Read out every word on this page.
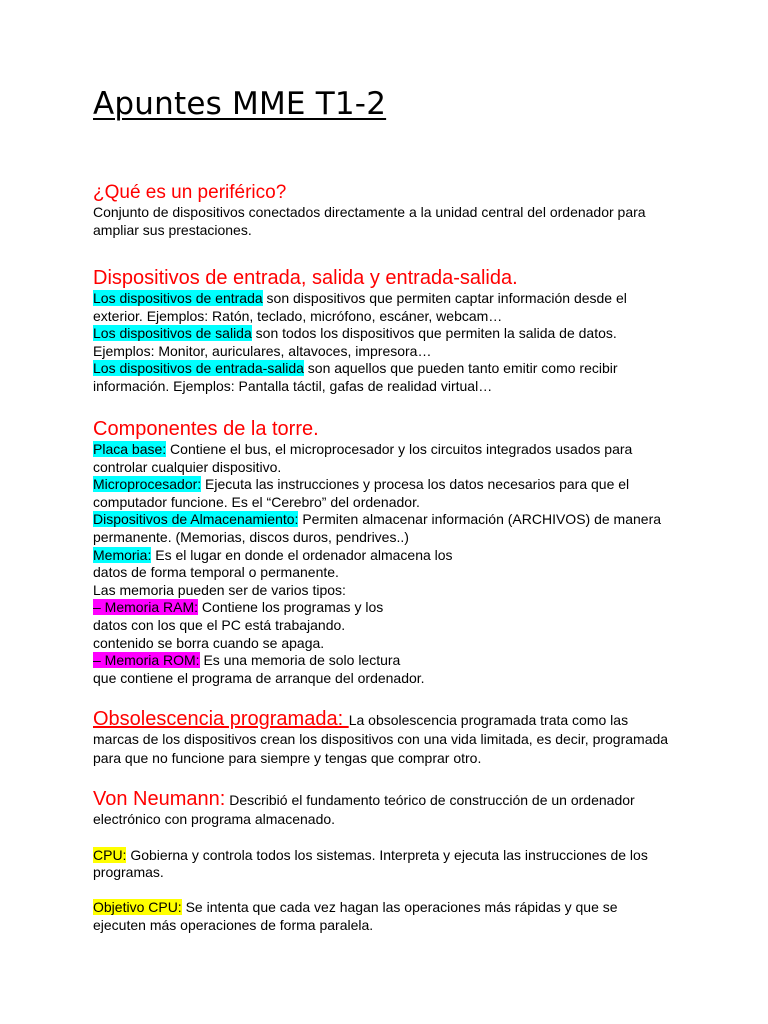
Apuntes MME T1-2
¿Qué es un periférico?

Conjunto de dispositivos conectados directamente a la unidad central del ordenador para ampliar sus prestaciones.

Dispositivos de entrada, salida y entrada-salida.

Los dispositivos de entrada son dispositivos que permiten captar información desde el exterior. Ejemplos: Ratón, teclado, micrófono, escáner, webcam…
Los dispositivos de salida son todos los dispositivos que permiten la salida de datos. Ejemplos: Monitor, auriculares, altavoces, impresora…
Los dispositivos de entrada-salida son aquellos que pueden tanto emitir como recibir información. Ejemplos: Pantalla táctil, gafas de realidad virtual…

Componentes de la torre.

Placa base: Contiene el bus, el microprocesador y los circuitos integrados usados para controlar cualquier dispositivo.
Microprocesador: Ejecuta las instrucciones y procesa los datos necesarios para que el computador funcione. Es el “Cerebro” del ordenador.
Dispositivos de Almacenamiento: Permiten almacenar información (ARCHIVOS) de manera permanente. (Memorias, discos duros, pendrives..)
Memoria: Es el lugar en donde el ordenador almacena los
datos de forma temporal o permanente.
Las memoria pueden ser de varios tipos:
– Memoria RAM: Contiene los programas y los
datos con los que el PC está trabajando.
contenido se borra cuando se apaga.
– Memoria ROM: Es una memoria de solo lectura
que contiene el programa de arranque del ordenador.

Obsolescencia programada: La obsolescencia programada trata como las marcas de los dispositivos crean los dispositivos con una vida limitada, es decir, programada para que no funcione para siempre y tengas que comprar otro.

Von Neumann: Describió el fundamento teórico de construcción de un ordenador electrónico con programa almacenado.

CPU: Gobierna y controla todos los sistemas. Interpreta y ejecuta las instrucciones de los programas.

Objetivo CPU: Se intenta que cada vez hagan las operaciones más rápidas y que se ejecuten más operaciones de forma paralela.
